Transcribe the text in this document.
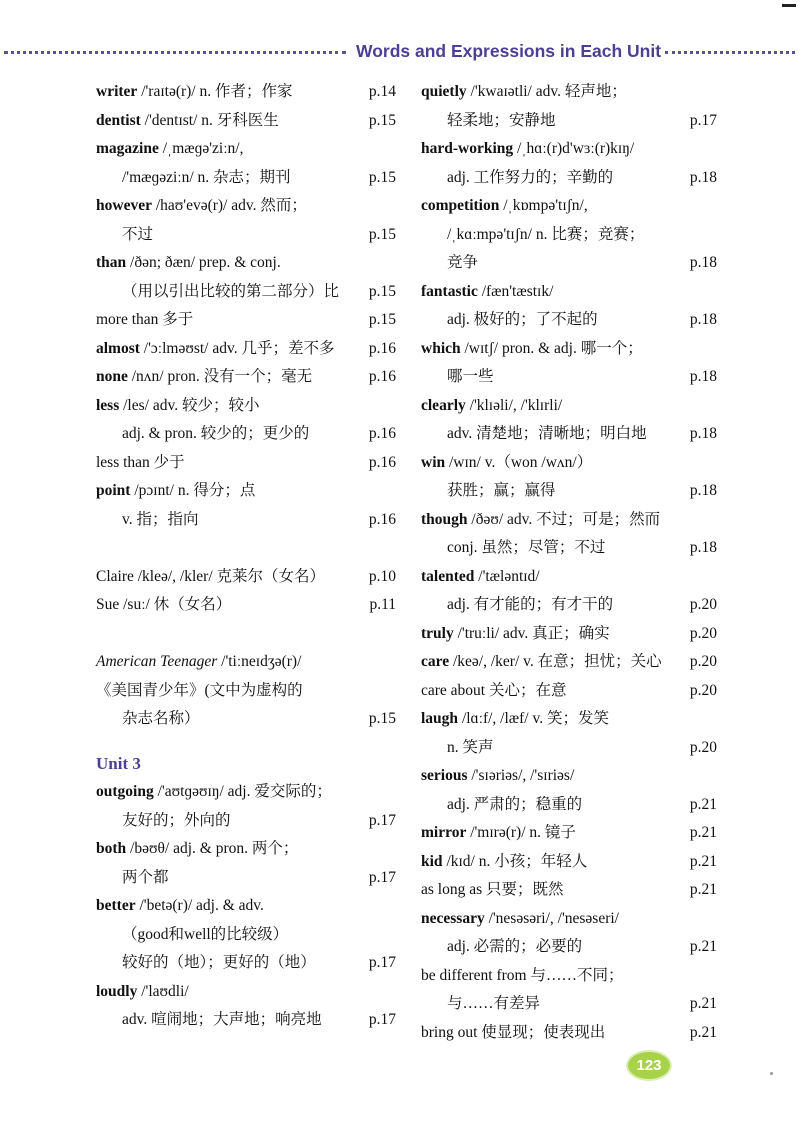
Words and Expressions in Each Unit
writer /'raɪtə(r)/ n. 作者；作家	p.14
dentist /'dentɪst/ n. 牙科医生	p.15
magazine /ˌmæɡə'ziːn/,
/'mæɡəziːn/ n. 杂志；期刊	p.15
however /haʊ'evə(r)/ adv. 然而；
不过	p.15
than /ðən; ðæn/ prep. & conj.
（用以引出比较的第二部分）比 p.15
more than 多于	p.15
almost /'ɔːlməʊst/ adv. 几乎；差不多 p.16
none /nʌn/ pron. 没有一个；毫无	p.16
less /les/ adv. 较少；较小
adj. & pron. 较少的；更少的	p.16
less than 少于	p.16
point /pɔɪnt/ n. 得分；点
v. 指；指向	p.16
Claire /kleə/, /kler/ 克莱尔（女名）	p.10
Sue /suː/ 休（女名）	p.11
American Teenager /'tiːneɪdʒə(r)/
《美国青少年》(文中为虚构的
杂志名称）	p.15
Unit 3
outgoing /'aʊtɡəʊɪŋ/ adj. 爱交际的；
友好的；外向的	p.17
both /bəʊθ/ adj. & pron. 两个；
两个都	p.17
better /'betə(r)/ adj. & adv.
（good和well的比较级）
较好的（地）；更好的（地）	p.17
loudly /'laʊdli/
adv. 喧闹地；大声地；响亮地	p.17
quietly /'kwaɪətli/ adv. 轻声地；
轻柔地；安静地	p.17
hard-working /ˌhɑː(r)d'wɜː(r)kɪŋ/
adj. 工作努力的；辛勤的	p.18
competition /ˌkɒmpə'tɪʃn/,
/ˌkɑːmpə'tɪʃn/ n. 比赛；竞赛；
竞争	p.18
fantastic /fæn'tæstɪk/
adj. 极好的；了不起的	p.18
which /wɪtʃ/ pron. & adj. 哪一个；
哪一些	p.18
clearly /'klɪəli/, /'klɪrli/
adv. 清楚地；清晰地；明白地	p.18
win /wɪn/ v.（won /wʌn/）
获胜；赢；赢得	p.18
though /ðəʊ/ adv. 不过；可是；然而
conj. 虽然；尽管；不过	p.18
talented /'tæləntɪd/
adj. 有才能的；有才干的	p.20
truly /'truːli/ adv. 真正；确实	p.20
care /keə/, /ker/ v. 在意；担忧；关心 p.20
care about 关心；在意	p.20
laugh /lɑːf/, /læf/ v. 笑；发笑
n. 笑声	p.20
serious /'sɪəriəs/, /'sɪriəs/
adj. 严肃的；稳重的	p.21
mirror /'mɪrə(r)/ n. 镜子	p.21
kid /kɪd/ n. 小孩；年轻人	p.21
as long as 只要；既然	p.21
necessary /'nesəsəri/, /'nesəseri/
adj. 必需的；必要的	p.21
be different from 与……不同；
与……有差异	p.21
bring out 使显现；使表现出	p.21
123
